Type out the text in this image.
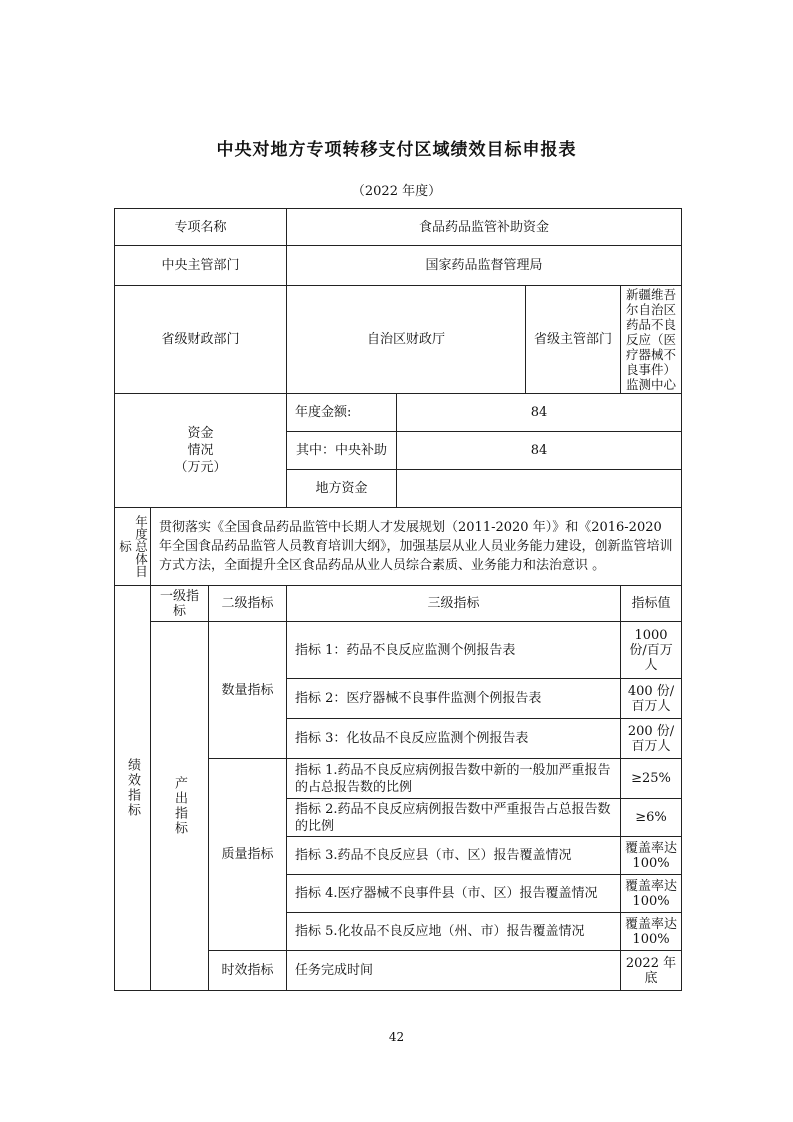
中央对地方专项转移支付区域绩效目标申报表
（2022 年度）
专项名称			食品药品监管补助资金			
中央主管部门			国家药品监督管理局			
省级财政部门			自治区财政厅		省级主管部门	新疆维吾尔自治区药品不良反应（医疗器械不良事件）监测中心
资金
情况
（万元）			年度金额:	84		
			其中：中央补助	84		
			地方资金			

年度总体目标	贯彻落实《全国食品药品监管中长期人才发展规划（2011-2020 年）》和《2016-2020 年全国食品药品监管人员教育培训大纲》，加强基层从业人员业务能力建设，创新监管培训方式方法，全面提升全区食品药品从业人员综合素质、业务能力和法治意识 。					

绩效指标	一级指标	二级指标	三级指标			指标值

	产出指标	数量指标	指标 1：药品不良反应监测个例报告表			1000 份/百万人
			指标 2：医疗器械不良事件监测个例报告表			400 份/百万人
			指标 3：化妆品不良反应监测个例报告表			200 份/百万人
		质量指标	指标 1.药品不良反应病例报告数中新的一般加严重报告的占总报告数的比例			≥25%
			指标 2.药品不良反应病例报告数中严重报告占总报告数的比例			≥6%
			指标 3.药品不良反应县（市、区）报告覆盖情况			覆盖率达 100%
			指标 4.医疗器械不良事件县（市、区）报告覆盖情况			覆盖率达 100%
			指标 5.化妆品不良反应地（州、市）报告覆盖情况			覆盖率达 100%
		时效指标	任务完成时间			2022 年底
42
